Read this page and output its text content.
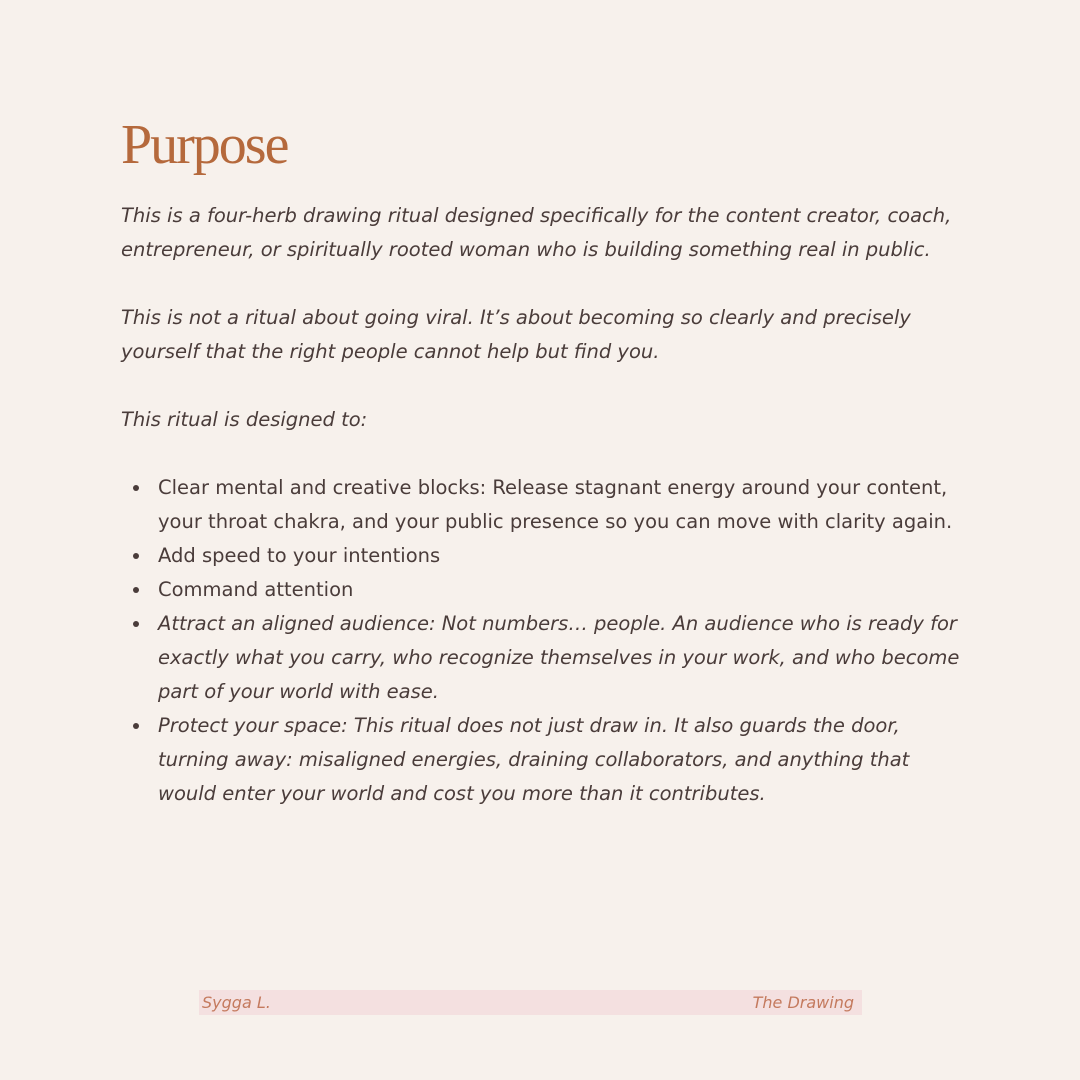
Purpose

This is a four-herb drawing ritual designed specifically for the content creator, coach, entrepreneur, or spiritually rooted woman who is building something real in public.

This is not a ritual about going viral. It’s about becoming so clearly and precisely yourself that the right people cannot help but find you.

This ritual is designed to:

Clear mental and creative blocks: Release stagnant energy around your content, your throat chakra, and your public presence so you can move with clarity again.
Add speed to your intentions
Command attention
Attract an aligned audience: Not numbers… people. An audience who is ready for exactly what you carry, who recognize themselves in your work, and who become part of your world with ease.
Protect your space: This ritual does not just draw in. It also guards the door, turning away: misaligned energies, draining collaborators, and anything that would enter your world and cost you more than it contributes.
Sygga L.	The Drawing
